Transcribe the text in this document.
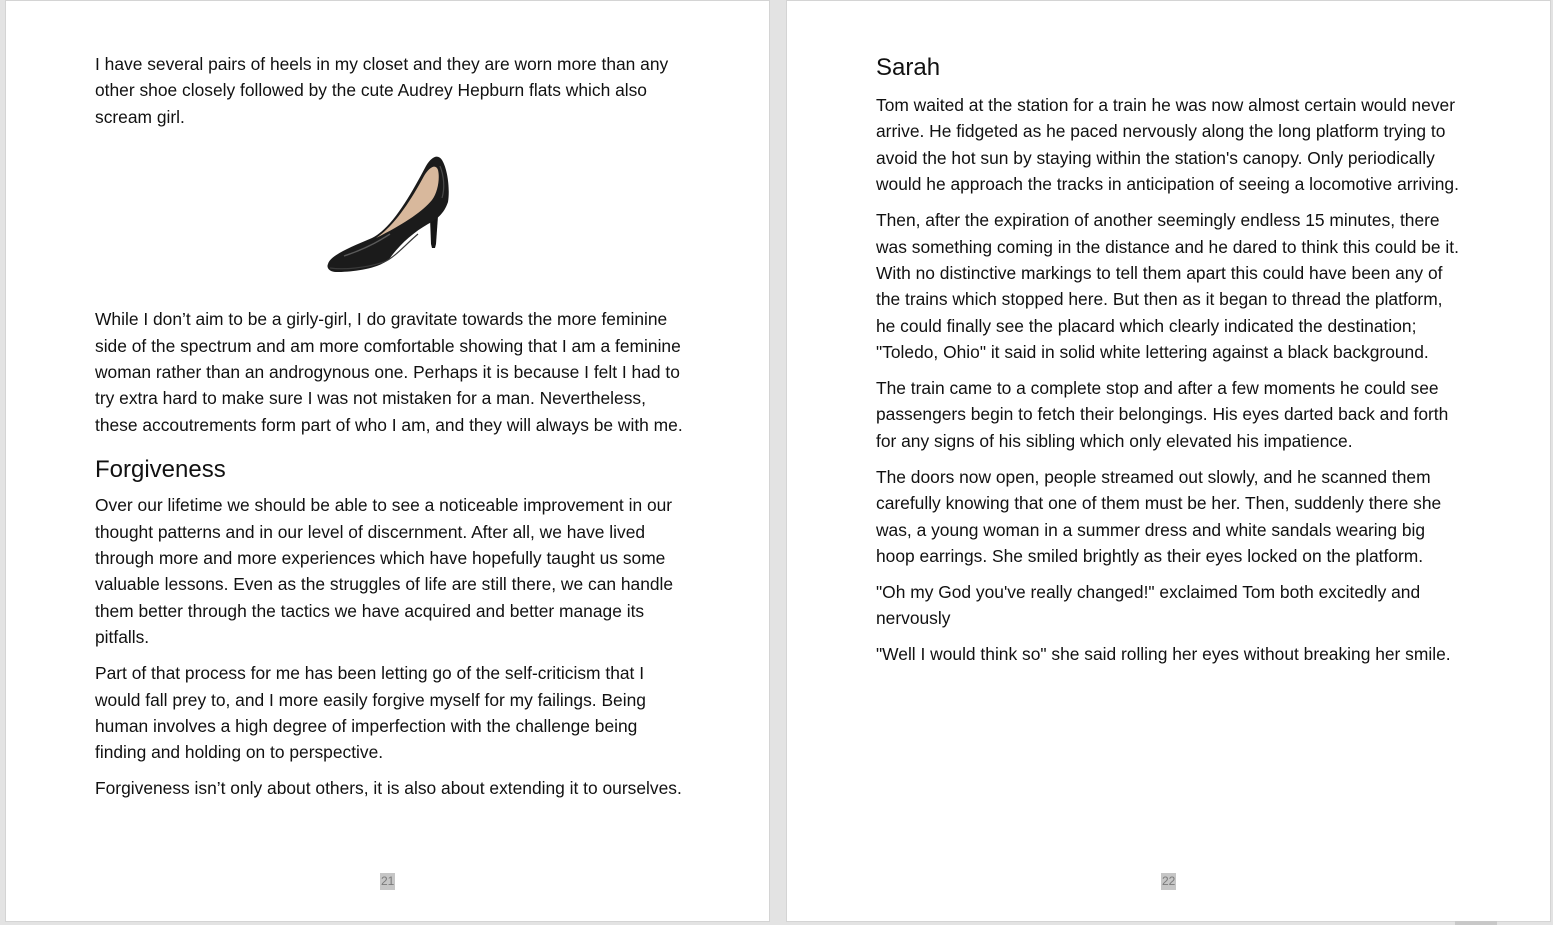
I have several pairs of heels in my closet and they are worn more than any other shoe closely followed by the cute Audrey Hepburn flats which also scream girl.

While I don’t aim to be a girly-girl, I do gravitate towards the more feminine side of the spectrum and am more comfortable showing that I am a feminine woman rather than an androgynous one. Perhaps it is because I felt I had to try extra hard to make sure I was not mistaken for a man. Nevertheless, these accoutrements form part of who I am, and they will always be with me.

Forgiveness

Over our lifetime we should be able to see a noticeable improvement in our thought patterns and in our level of discernment. After all, we have lived through more and more experiences which have hopefully taught us some valuable lessons. Even as the struggles of life are still there, we can handle them better through the tactics we have acquired and better manage its pitfalls.

Part of that process for me has been letting go of the self-criticism that I would fall prey to, and I more easily forgive myself for my failings. Being human involves a high degree of imperfection with the challenge being finding and holding on to perspective.

Forgiveness isn’t only about others, it is also about extending it to ourselves.

21
Sarah

Tom waited at the station for a train he was now almost certain would never arrive. He fidgeted as he paced nervously along the long platform trying to avoid the hot sun by staying within the station's canopy. Only periodically would he approach the tracks in anticipation of seeing a locomotive arriving.

Then, after the expiration of another seemingly endless 15 minutes, there was something coming in the distance and he dared to think this could be it. With no distinctive markings to tell them apart this could have been any of the trains which stopped here. But then as it began to thread the platform, he could finally see the placard which clearly indicated the destination; "Toledo, Ohio" it said in solid white lettering against a black background.

The train came to a complete stop and after a few moments he could see passengers begin to fetch their belongings. His eyes darted back and forth for any signs of his sibling which only elevated his impatience.

The doors now open, people streamed out slowly, and he scanned them carefully knowing that one of them must be her. Then, suddenly there she was, a young woman in a summer dress and white sandals wearing big hoop earrings. She smiled brightly as their eyes locked on the platform.

"Oh my God you've really changed!" exclaimed Tom both excitedly and nervously

"Well I would think so" she said rolling her eyes without breaking her smile.

22
